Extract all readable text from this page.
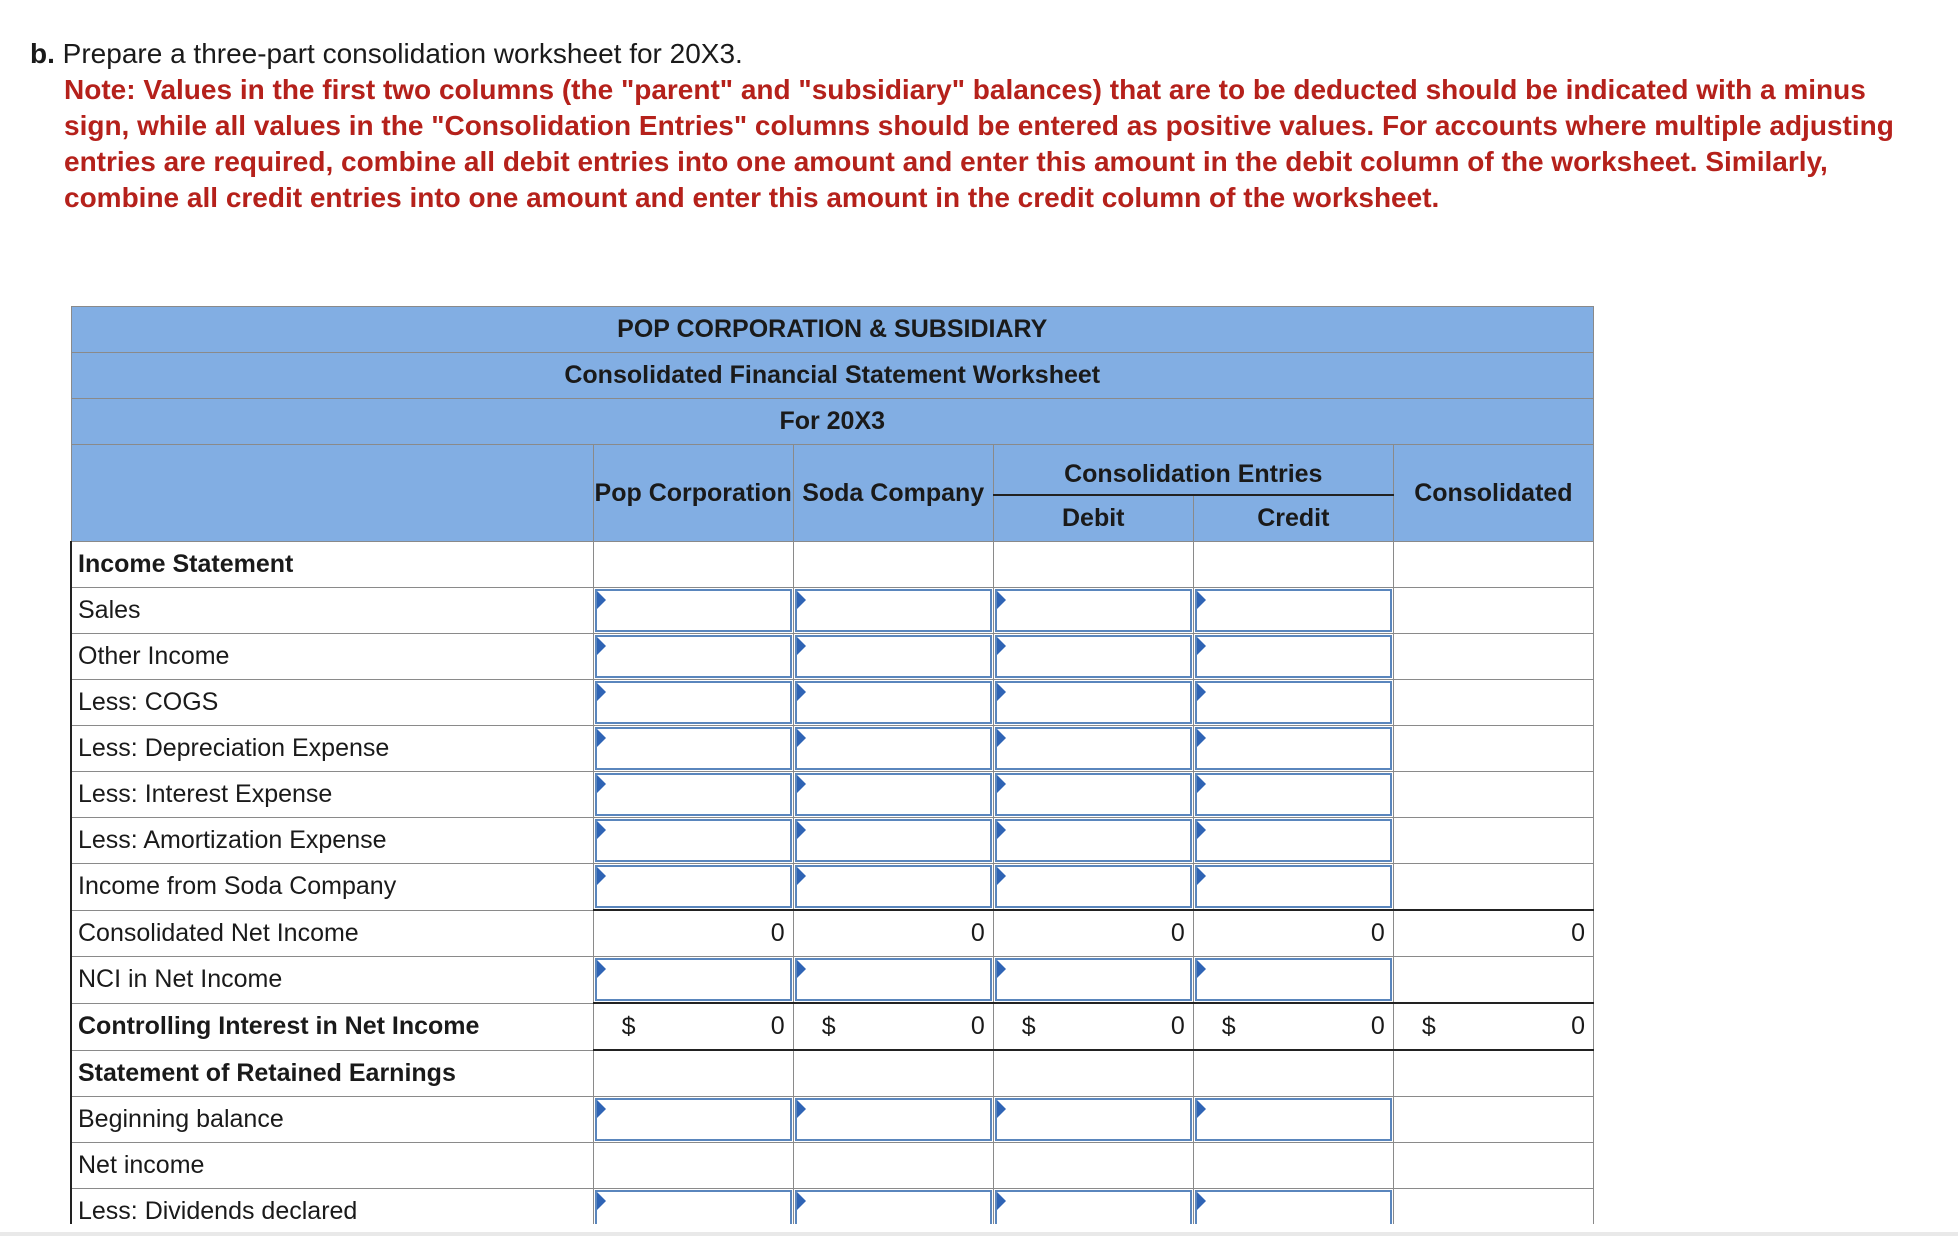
b. Prepare a three-part consolidation worksheet for 20X3.
Note: Values in the first two columns (the "parent" and "subsidiary" balances) that are to be deducted should be indicated with a minus sign, while all values in the "Consolidation Entries" columns should be entered as positive values. For accounts where multiple adjusting entries are required, combine all debit entries into one amount and enter this amount in the debit column of the worksheet. Similarly, combine all credit entries into one amount and enter this amount in the credit column of the worksheet.
POP CORPORATION & SUBSIDIARY					
Consolidated Financial Statement Worksheet					
For 20X3					
	Pop Corporation	Soda Company	Consolidation Entries		Consolidated
			Debit	Credit	
Income Statement					
Sales	

Other Income	

Less: COGS	

Less: Depreciation Expense	

Less: Interest Expense	

Less: Amortization Expense	

Income from Soda Company	

Consolidated Net Income	0	0	0	0	0
NCI in Net Income	

Controlling Interest in Net Income	$ 0	$ 0	$ 0	$ 0	$ 0
Statement of Retained Earnings					
Beginning balance	

Net income					
Less: Dividends declared	
